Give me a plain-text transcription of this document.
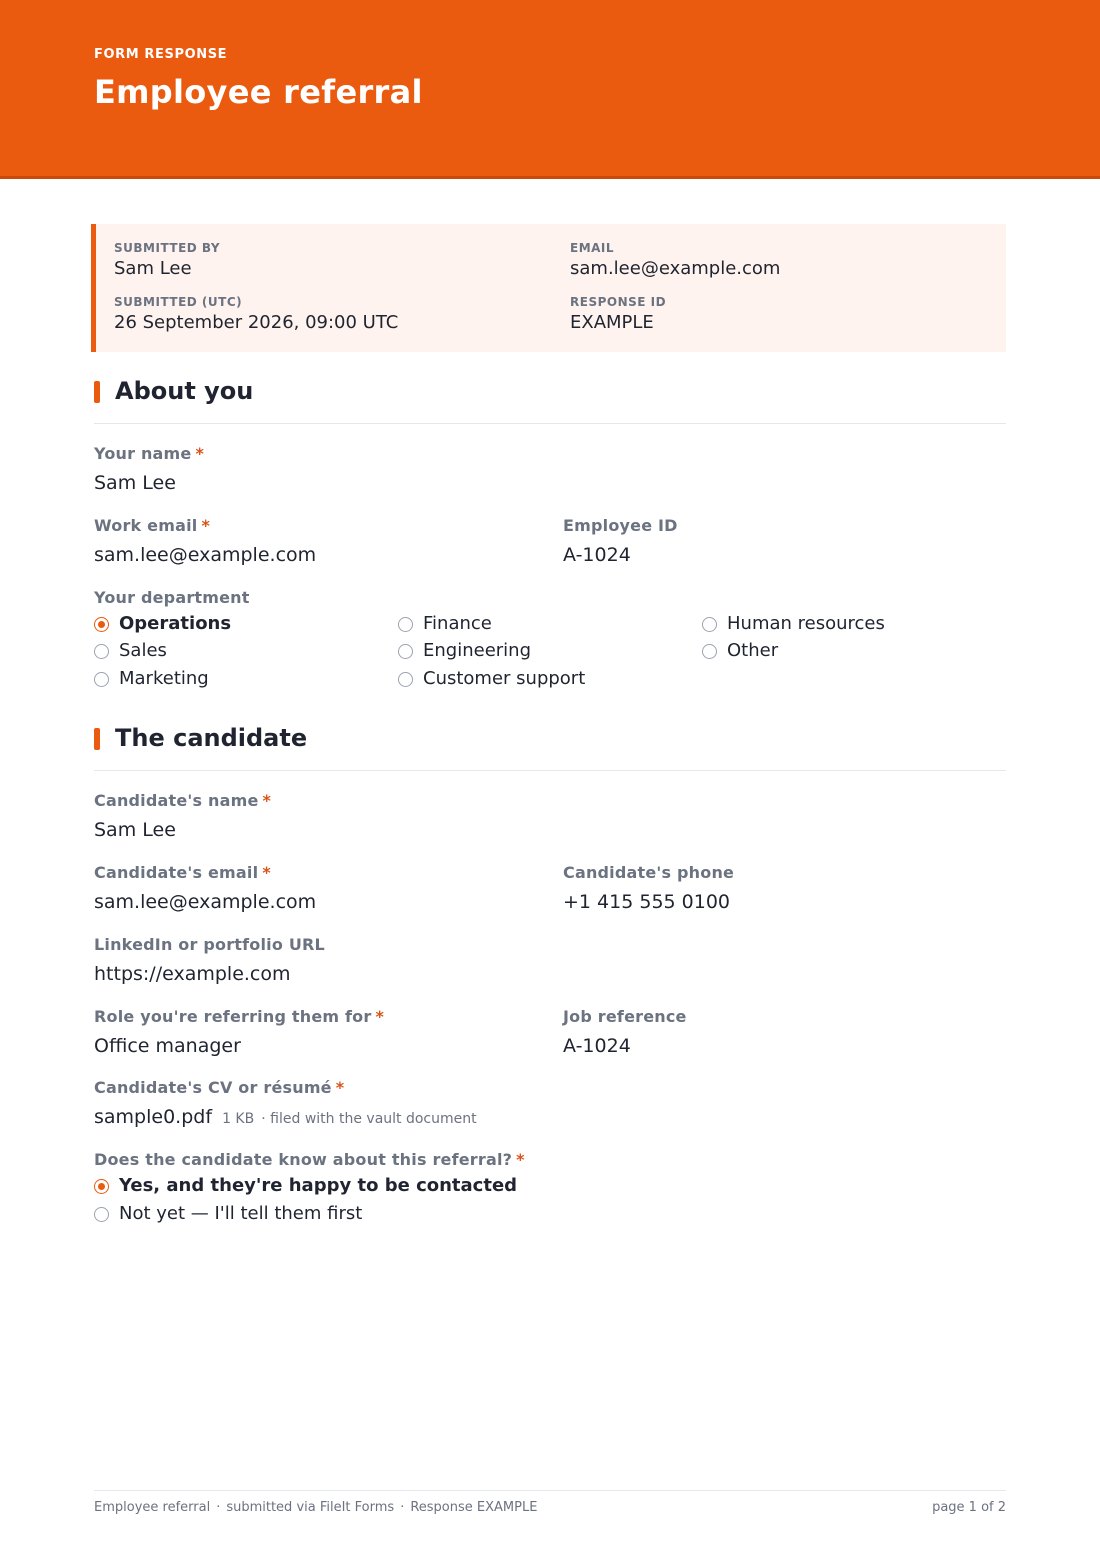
FORM RESPONSE
Employee referral
SUBMITTED BY
Sam Lee
EMAIL
sam.lee@example.com
SUBMITTED (UTC)
26 September 2026, 09:00 UTC
RESPONSE ID
EXAMPLE
About you
Your name *
Sam Lee
Work email *
sam.lee@example.com
Employee ID
A-1024
Your department
Operations
Sales
Marketing
Finance
Engineering
Customer support
Human resources
Other
The candidate
Candidate's name *
Sam Lee
Candidate's email *
sam.lee@example.com
Candidate's phone
+1 415 555 0100
LinkedIn or portfolio URL
https://example.com
Role you're referring them for *
Office manager
Job reference
A-1024
Candidate's CV or résumé *
sample0.pdf 1 KB · filed with the vault document
Does the candidate know about this referral? *
Yes, and they're happy to be contacted
Not yet — I'll tell them first
Employee referral · submitted via FileIt Forms · Response EXAMPLE	page 1 of 2
